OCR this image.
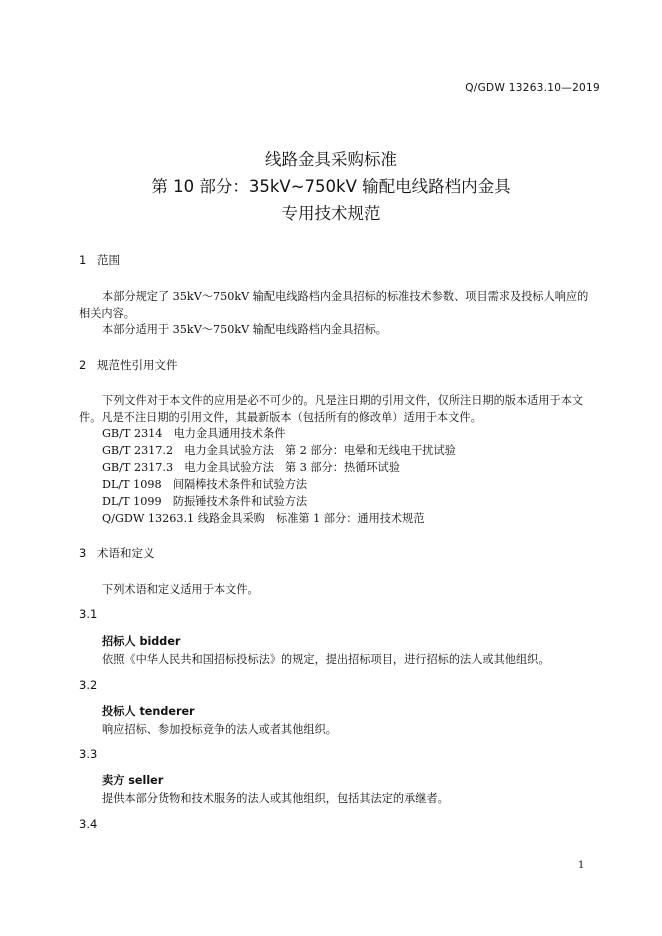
Q/GDW 13263.10—2019
线路金具采购标准
第 10 部分：35kV~750kV 输配电线路档内金具
专用技术规范
1 范围
本部分规定了 35kV～750kV 输配电线路档内金具招标的标准技术参数、项目需求及投标人响应的
相关内容。
本部分适用于 35kV～750kV 输配电线路档内金具招标。
2 规范性引用文件
下列文件对于本文件的应用是必不可少的。凡是注日期的引用文件，仅所注日期的版本适用于本文
件。凡是不注日期的引用文件，其最新版本（包括所有的修改单）适用于本文件。
GB/T 2314　电力金具通用技术条件
GB/T 2317.2　电力金具试验方法　第 2 部分：电晕和无线电干扰试验
GB/T 2317.3　电力金具试验方法　第 3 部分：热循环试验
DL/T 1098　间隔棒技术条件和试验方法
DL/T 1099　防振锤技术条件和试验方法
Q/GDW 13263.1 线路金具采购　标准第 1 部分：通用技术规范
3 术语和定义
下列术语和定义适用于本文件。
3.1
招标人 bidder
依照《中华人民共和国招标投标法》的规定，提出招标项目，进行招标的法人或其他组织。
3.2
投标人 tenderer
响应招标、参加投标竞争的法人或者其他组织。
3.3
卖方 seller
提供本部分货物和技术服务的法人或其他组织，包括其法定的承继者。
3.4
1
